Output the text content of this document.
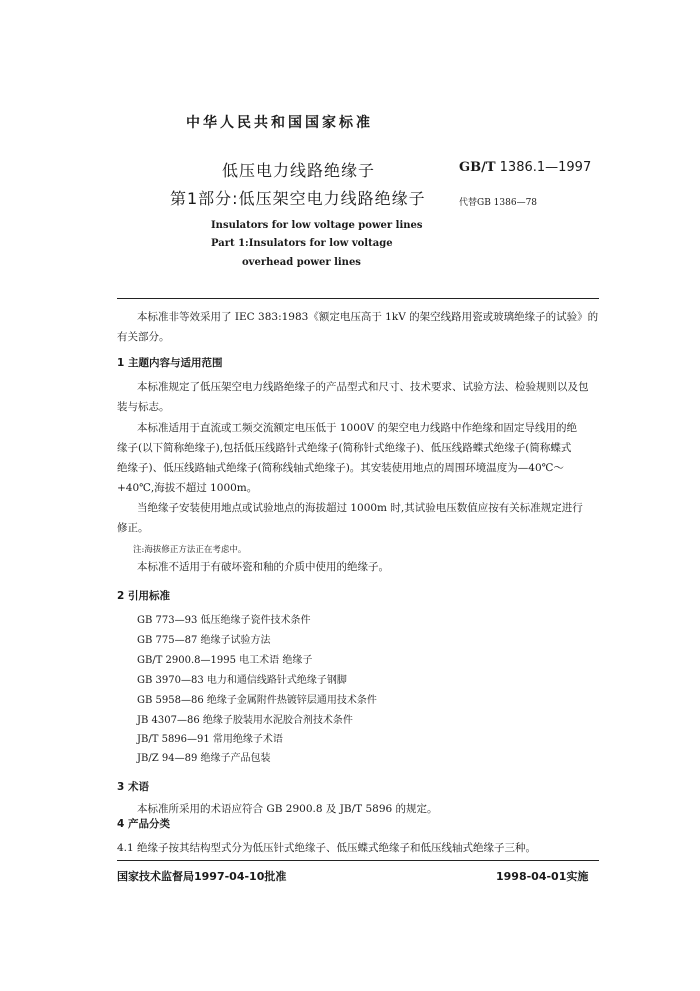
中华人民共和国国家标准
低压电力线路绝缘子
第1部分:低压架空电力线路绝缘子
GB/T 1386.1—1997
代替GB 1386—78
Insulators for low voltage power lines
Part 1:Insulators for low voltage
overhead power lines
本标准非等效采用了 IEC 383:1983《额定电压高于 1kV 的架空线路用瓷或玻璃绝缘子的试验》的
有关部分。
1 主题内容与适用范围
本标准规定了低压架空电力线路绝缘子的产品型式和尺寸、技术要求、试验方法、检验规则以及包
装与标志。
本标准适用于直流或工频交流额定电压低于 1000V 的架空电力线路中作绝缘和固定导线用的绝
缘子(以下简称绝缘子),包括低压线路针式绝缘子(简称针式绝缘子)、低压线路蝶式绝缘子(简称蝶式
绝缘子)、低压线路轴式绝缘子(简称线轴式绝缘子)。其安装使用地点的周围环境温度为—40℃～
+40℃,海拔不超过 1000m。
当绝缘子安装使用地点或试验地点的海拔超过 1000m 时,其试验电压数值应按有关标准规定进行
修正。
注:海拔修正方法正在考虑中。
本标准不适用于有破坏瓷和釉的介质中使用的绝缘子。
2 引用标准
GB 773—93 低压绝缘子瓷件技术条件
GB 775—87 绝缘子试验方法
GB/T 2900.8—1995 电工术语 绝缘子
GB 3970—83 电力和通信线路针式绝缘子钢脚
GB 5958—86 绝缘子金属附件热镀锌层通用技术条件
JB 4307—86 绝缘子胶装用水泥胶合剂技术条件
JB/T 5896—91 常用绝缘子术语
JB/Z 94—89 绝缘子产品包装
3 术语
本标准所采用的术语应符合 GB 2900.8 及 JB/T 5896 的规定。
4 产品分类
4.1 绝缘子按其结构型式分为低压针式绝缘子、低压蝶式绝缘子和低压线轴式绝缘子三种。
国家技术监督局1997-04-10批准	1998-04-01实施
